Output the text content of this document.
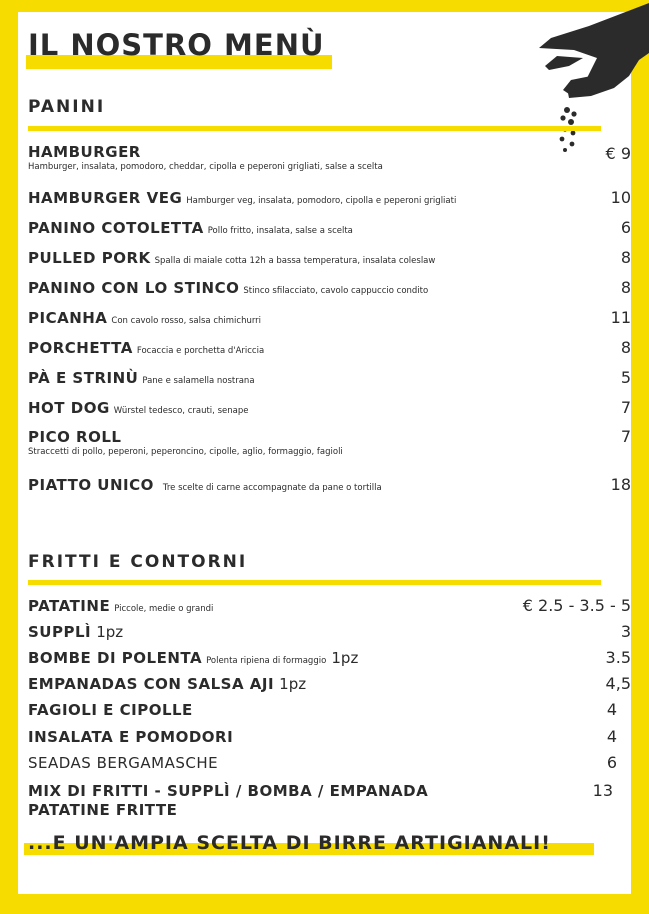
IL NOSTRO MENÙ
PANINI
HAMBURGER
Hamburger, insalata, pomodoro, cheddar, cipolla e peperoni grigliati, salse a scelta
€ 9
HAMBURGER VEG Hamburger veg, insalata, pomodoro, cipolla e peperoni grigliati	10
PANINO COTOLETTA Pollo fritto, insalata, salse a scelta	6
PULLED PORK Spalla di maiale cotta 12h a bassa temperatura, insalata coleslaw	8
PANINO CON LO STINCO Stinco sfilacciato, cavolo cappuccio condito	8
PICANHA Con cavolo rosso, salsa chimichurri	11
PORCHETTA Focaccia e porchetta d'Ariccia	8
PÀ E STRINÙ Pane e salamella nostrana	5
HOT DOG Würstel tedesco, crauti, senape	7
PICO ROLL
Straccetti di pollo, peperoni, peperoncino, cipolle, aglio, formaggio, fagioli
7
PIATTO UNICO Tre scelte di carne accompagnate da pane o tortilla	18
FRITTI E CONTORNI
PATATINE Piccole, medie o grandi	€ 2.5 - 3.5 - 5
SUPPLÌ 1pz	3
BOMBE DI POLENTA Polenta ripiena di formaggio 1pz	3.5
EMPANADAS CON SALSA AJI 1pz	4,5
FAGIOLI E CIPOLLE	4
INSALATA E POMODORI	4
SEADAS BERGAMASCHE	6
MIX DI FRITTI - SUPPLÌ / BOMBA / EMPANADA
PATATINE FRITTE
13
...E UN'AMPIA SCELTA DI BIRRE ARTIGIANALI!
